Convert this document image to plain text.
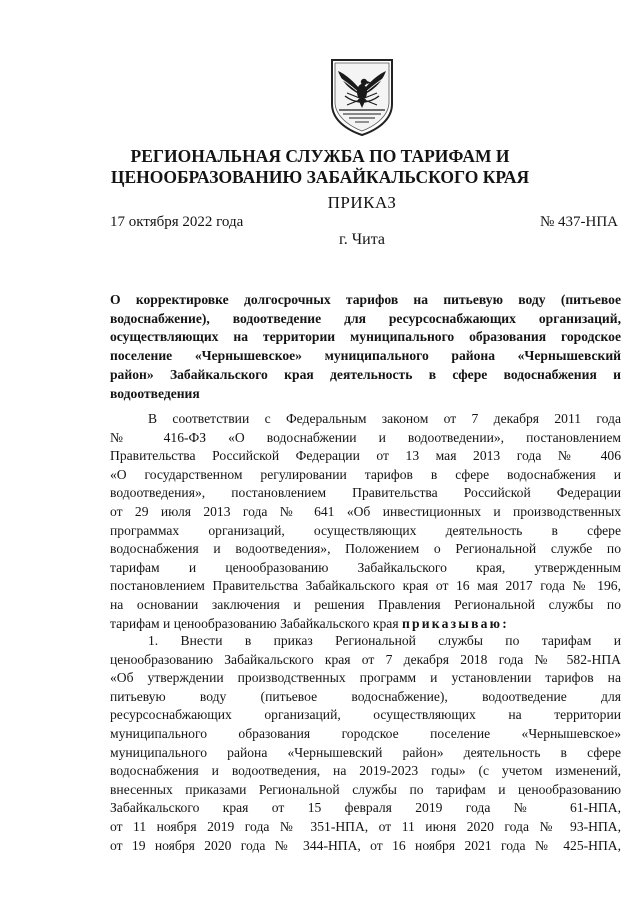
РЕГИОНАЛЬНАЯ СЛУЖБА ПО ТАРИФАМ И
ЦЕНООБРАЗОВАНИЮ ЗАБАЙКАЛЬСКОГО КРАЯ
ПРИКАЗ
17 октября 2022 года	№ 437-НПА
г. Чита
О корректировке долгосрочных тарифов на питьевую воду (питьевое
водоснабжение), водоотведение для ресурсоснабжающих организаций,
осуществляющих на территории муниципального образования городское
поселение «Чернышевское» муниципального района «Чернышевский
район» Забайкальского края деятельность в сфере водоснабжения и
водоотведения
В соответствии с Федеральным законом от 7 декабря 2011 года
№ 416-ФЗ «О водоснабжении и водоотведении», постановлением
Правительства Российской Федерации от 13 мая 2013 года № 406
«О государственном регулировании тарифов в сфере водоснабжения и
водоотведения», постановлением Правительства Российской Федерации
от 29 июля 2013 года № 641 «Об инвестиционных и производственных
программах организаций, осуществляющих деятельность в сфере
водоснабжения и водоотведения», Положением о Региональной службе по
тарифам и ценообразованию Забайкальского края, утвержденным
постановлением Правительства Забайкальского края от 16 мая 2017 года № 196,
на основании заключения и решения Правления Региональной службы по
тарифам и ценообразованию Забайкальского края приказываю:
1. Внести в приказ Региональной службы по тарифам и
ценообразованию Забайкальского края от 7 декабря 2018 года № 582-НПА
«Об утверждении производственных программ и установлении тарифов на
питьевую воду (питьевое водоснабжение), водоотведение для
ресурсоснабжающих организаций, осуществляющих на территории
муниципального образования городское поселение «Чернышевское»
муниципального района «Чернышевский район» деятельность в сфере
водоснабжения и водоотведения, на 2019-2023 годы» (с учетом изменений,
внесенных приказами Региональной службы по тарифам и ценообразованию
Забайкальского края от 15 февраля 2019 года № 61-НПА,
от 11 ноября 2019 года № 351-НПА, от 11 июня 2020 года № 93-НПА,
от 19 ноября 2020 года № 344-НПА, от 16 ноября 2021 года № 425-НПА,
